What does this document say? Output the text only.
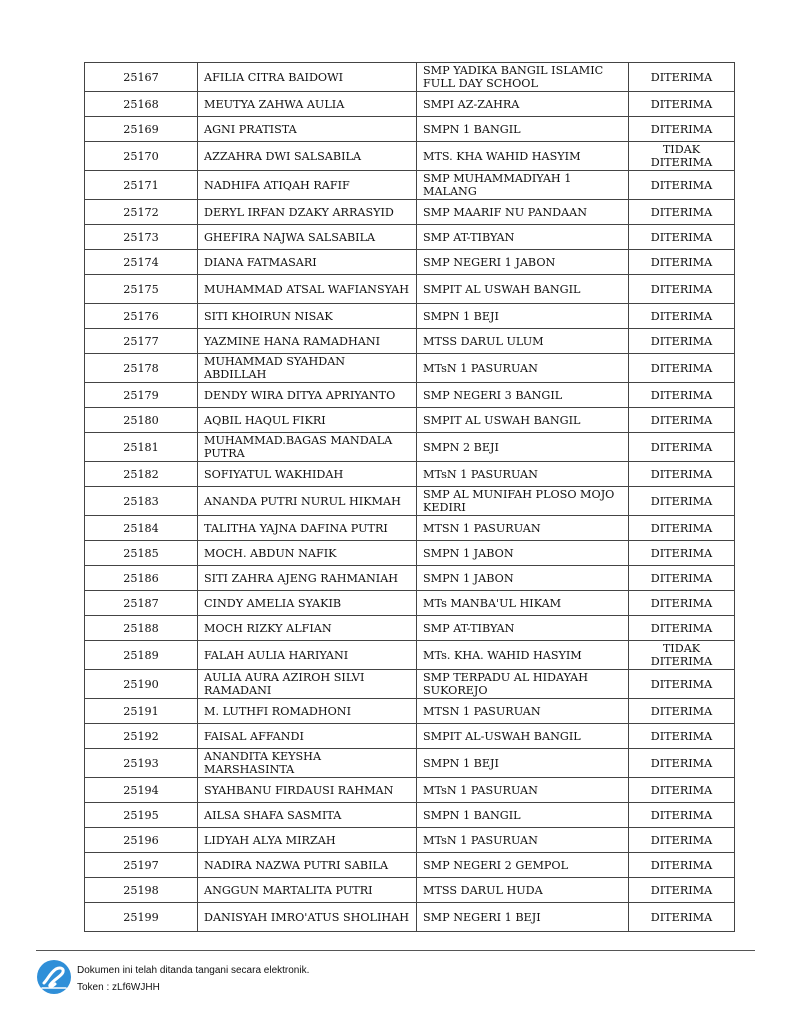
25167	AFILIA CITRA BAIDOWI	SMP YADIKA BANGIL ISLAMIC FULL DAY SCHOOL	DITERIMA
25168	MEUTYA ZAHWA AULIA	SMPI AZ-ZAHRA	DITERIMA
25169	AGNI PRATISTA	SMPN 1 BANGIL	DITERIMA
25170	AZZAHRA DWI SALSABILA	MTS. KHA WAHID HASYIM	TIDAK DITERIMA
25171	NADHIFA ATIQAH RAFIF	SMP MUHAMMADIYAH 1 MALANG	DITERIMA
25172	DERYL IRFAN DZAKY ARRASYID	SMP MAARIF NU PANDAAN	DITERIMA
25173	GHEFIRA NAJWA SALSABILA	SMP AT-TIBYAN	DITERIMA
25174	DIANA FATMASARI	SMP NEGERI 1 JABON	DITERIMA
25175	MUHAMMAD ATSAL WAFIANSYAH	SMPIT AL USWAH BANGIL	DITERIMA
25176	SITI KHOIRUN NISAK	SMPN 1 BEJI	DITERIMA
25177	YAZMINE HANA RAMADHANI	MTSS DARUL ULUM	DITERIMA
25178	MUHAMMAD SYAHDAN ABDILLAH	MTsN 1 PASURUAN	DITERIMA
25179	DENDY WIRA DITYA APRIYANTO	SMP NEGERI 3 BANGIL	DITERIMA
25180	AQBIL HAQUL FIKRI	SMPIT AL USWAH BANGIL	DITERIMA
25181	MUHAMMAD.BAGAS MANDALA PUTRA	SMPN 2 BEJI	DITERIMA
25182	SOFIYATUL WAKHIDAH	MTsN 1 PASURUAN	DITERIMA
25183	ANANDA PUTRI NURUL HIKMAH	SMP AL MUNIFAH PLOSO MOJO KEDIRI	DITERIMA
25184	TALITHA YAJNA DAFINA PUTRI	MTSN 1 PASURUAN	DITERIMA
25185	MOCH. ABDUN NAFIK	SMPN 1 JABON	DITERIMA
25186	SITI ZAHRA AJENG RAHMANIAH	SMPN 1 JABON	DITERIMA
25187	CINDY AMELIA SYAKIB	MTs MANBA'UL HIKAM	DITERIMA
25188	MOCH RIZKY ALFIAN	SMP AT-TIBYAN	DITERIMA
25189	FALAH AULIA HARIYANI	MTs. KHA. WAHID HASYIM	TIDAK DITERIMA
25190	AULIA AURA AZIROH SILVI RAMADANI	SMP TERPADU AL HIDAYAH SUKOREJO	DITERIMA
25191	M. LUTHFI ROMADHONI	MTSN 1 PASURUAN	DITERIMA
25192	FAISAL AFFANDI	SMPIT AL-USWAH BANGIL	DITERIMA
25193	ANANDITA KEYSHA MARSHASINTA	SMPN 1 BEJI	DITERIMA
25194	SYAHBANU FIRDAUSI RAHMAN	MTsN 1 PASURUAN	DITERIMA
25195	AILSA SHAFA SASMITA	SMPN 1 BANGIL	DITERIMA
25196	LIDYAH ALYA MIRZAH	MTsN 1 PASURUAN	DITERIMA
25197	NADIRA NAZWA PUTRI SABILA	SMP NEGERI 2 GEMPOL	DITERIMA
25198	ANGGUN MARTALITA PUTRI	MTSS DARUL HUDA	DITERIMA
25199	DANISYAH IMRO'ATUS SHOLIHAH	SMP NEGERI 1 BEJI	DITERIMA
Dokumen ini telah ditanda tangani secara elektronik.
Token : zLf6WJHH
